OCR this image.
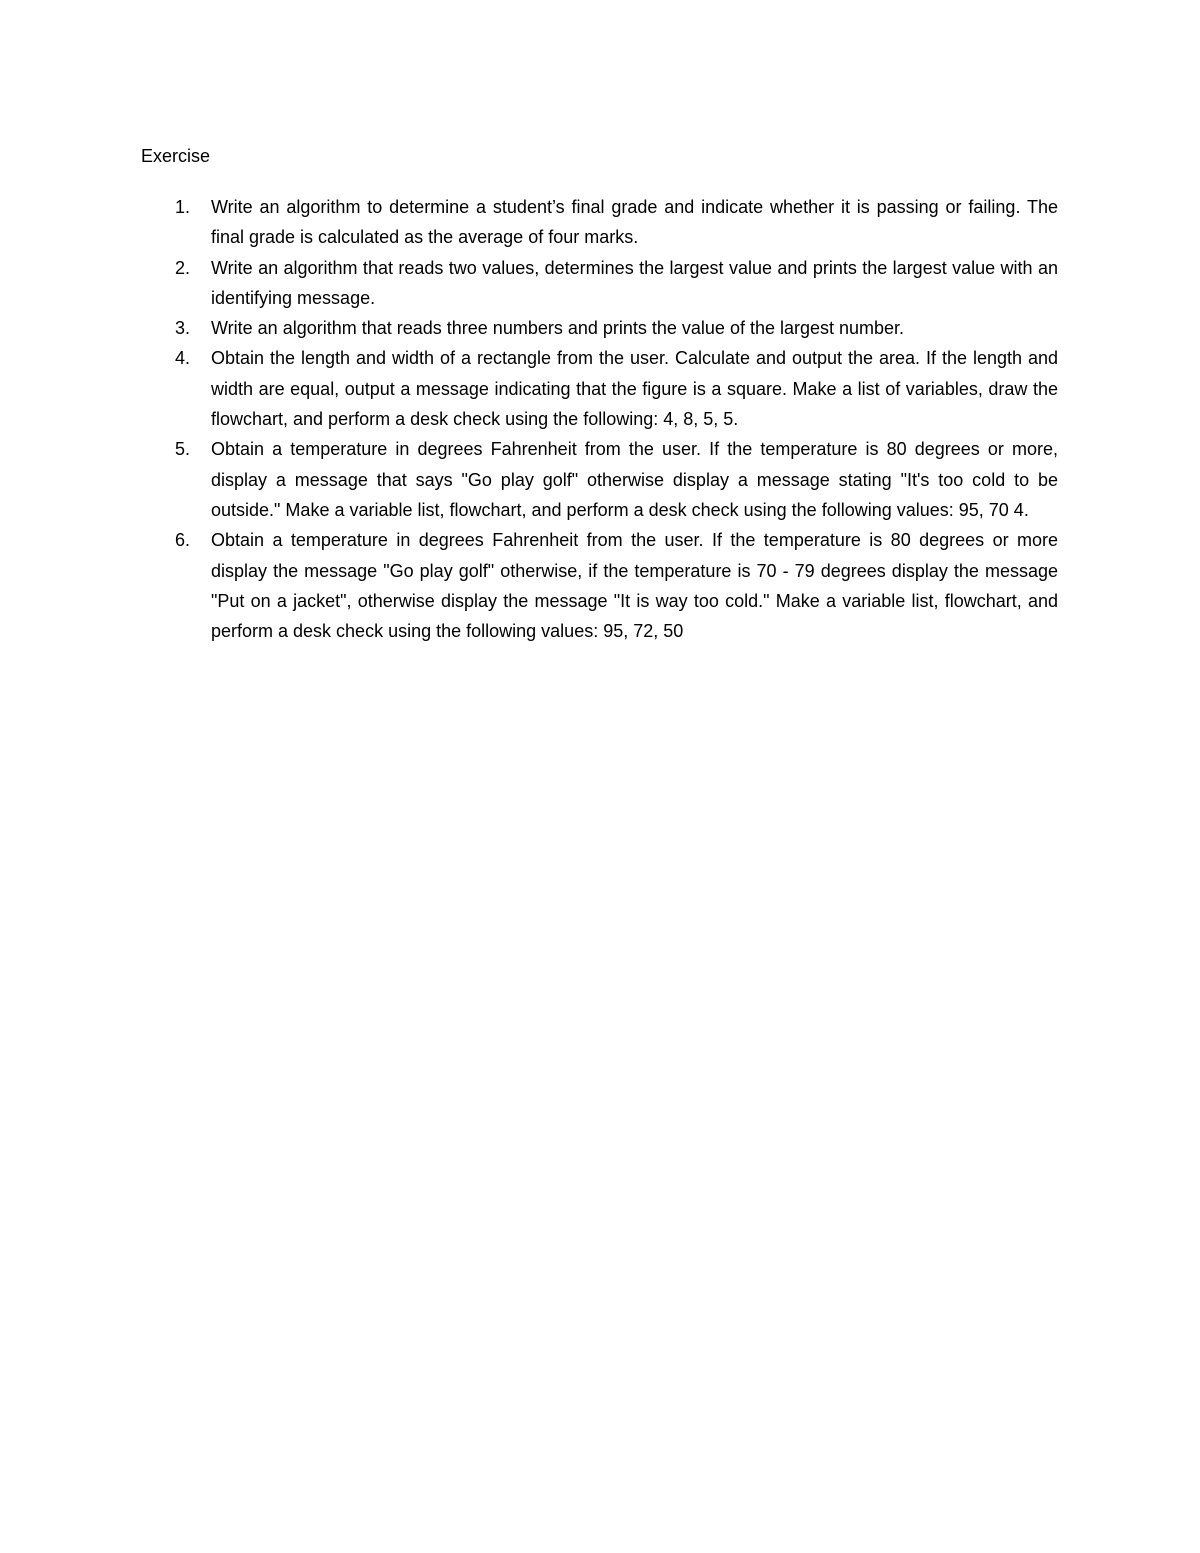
Exercise
1. Write an algorithm to determine a student’s final grade and indicate whether it is passing or failing. The final grade is calculated as the average of four marks.
2. Write an algorithm that reads two values, determines the largest value and prints the largest value with an identifying message.
3. Write an algorithm that reads three numbers and prints the value of the largest number.
4. Obtain the length and width of a rectangle from the user. Calculate and output the area. If the length and width are equal, output a message indicating that the figure is a square. Make a list of variables, draw the flowchart, and perform a desk check using the following: 4, 8, 5, 5.
5. Obtain a temperature in degrees Fahrenheit from the user. If the temperature is 80 degrees or more, display a message that says "Go play golf" otherwise display a message stating "It's too cold to be outside." Make a variable list, flowchart, and perform a desk check using the following values: 95, 70 4.
6. Obtain a temperature in degrees Fahrenheit from the user. If the temperature is 80 degrees or more display the message "Go play golf" otherwise, if the temperature is 70 - 79 degrees display the message "Put on a jacket", otherwise display the message "It is way too cold." Make a variable list, flowchart, and perform a desk check using the following values: 95, 72, 50
